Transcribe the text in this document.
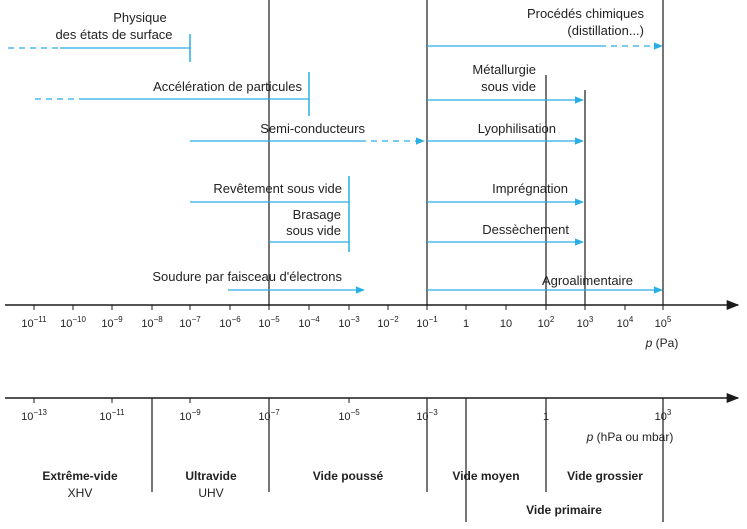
Physique
des états de surface
Accélération de particules
Semi-conducteurs
Revêtement sous vide
Brasage
sous vide
Soudure par faisceau d'électrons
Procédés chimiques
(distillation...)
Métallurgie
sous vide
Lyophilisation
Imprégnation
Dessèchement
Agroalimentaire
$10^{-11}$ $10^{-10}$ $10^{-9}$ $10^{-8}$ $10^{-7}$ $10^{-6}$ $10^{-5}$ $10^{-4}$ $10^{-3}$ $10^{-2}$ $10^{-1}$ 1	10 $10^2$ $10^3$ $10^4$ $10^5$
p (Pa)
$10^{-13}$	$10^{-11}$	$10^{-9}$	$10^{-7}$	$10^{-5}$	$10^{-3}$	1	$10^3$
p (hPa ou mbar)
Extrême-vide
XHV
Ultravide
UHV
Vide poussé	Vide moyen	Vide grossier
Vide primaire
